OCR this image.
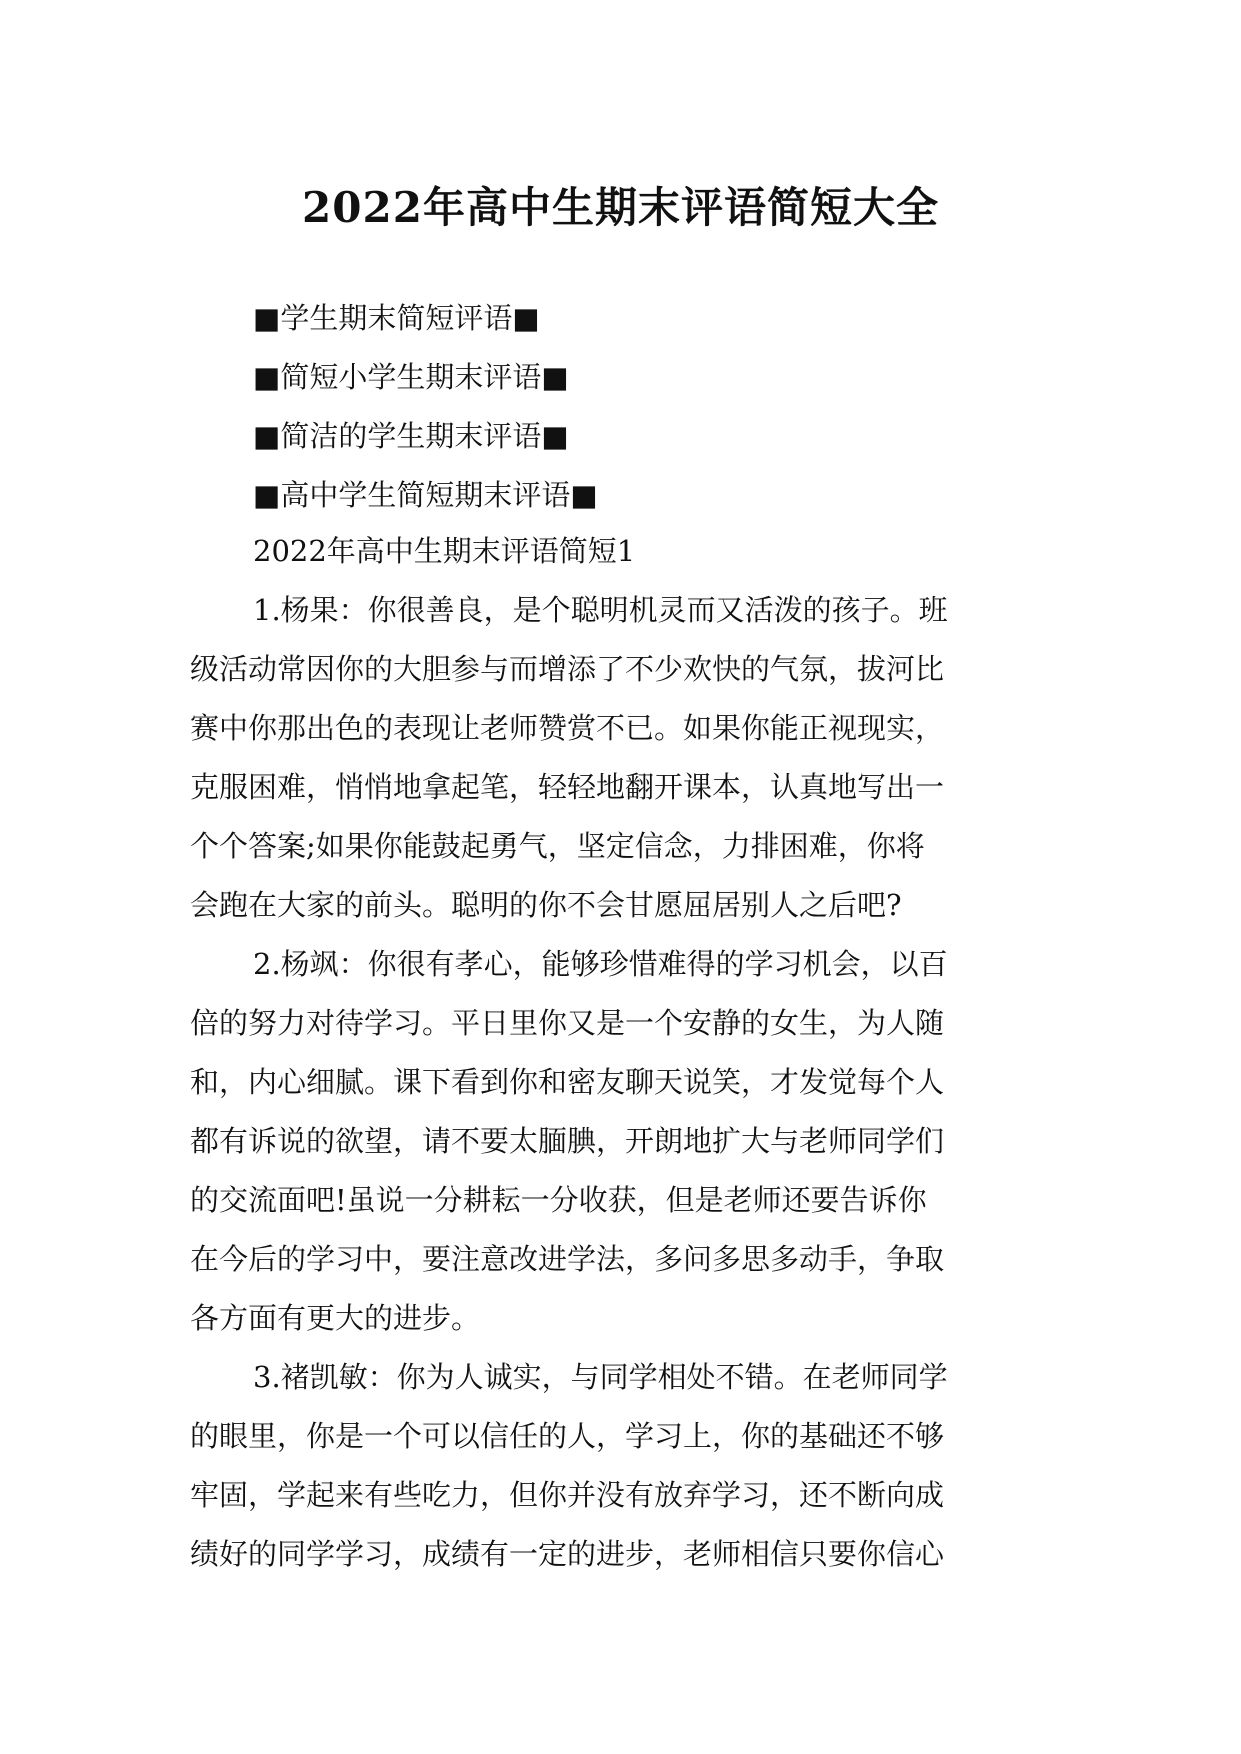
2022年高中生期末评语简短大全
■学生期末简短评语■
■简短小学生期末评语■
■简洁的学生期末评语■
■高中学生简短期末评语■

2022年高中生期末评语简短1

1.杨果：你很善良，是个聪明机灵而又活泼的孩子。班
级活动常因你的大胆参与而增添了不少欢快的气氛，拔河比
赛中你那出色的表现让老师赞赏不已。如果你能正视现实，
克服困难，悄悄地拿起笔，轻轻地翻开课本，认真地写出一
个个答案;如果你能鼓起勇气，坚定信念，力排困难，你将
会跑在大家的前头。聪明的你不会甘愿屈居别人之后吧?

2.杨飒：你很有孝心，能够珍惜难得的学习机会，以百
倍的努力对待学习。平日里你又是一个安静的女生，为人随
和，内心细腻。课下看到你和密友聊天说笑，才发觉每个人
都有诉说的欲望，请不要太腼腆，开朗地扩大与老师同学们
的交流面吧!虽说一分耕耘一分收获，但是老师还要告诉你
在今后的学习中，要注意改进学法，多问多思多动手，争取
各方面有更大的进步。

3.褚凯敏：你为人诚实，与同学相处不错。在老师同学
的眼里，你是一个可以信任的人，学习上，你的基础还不够
牢固，学起来有些吃力，但你并没有放弃学习，还不断向成
绩好的同学学习，成绩有一定的进步，老师相信只要你信心
